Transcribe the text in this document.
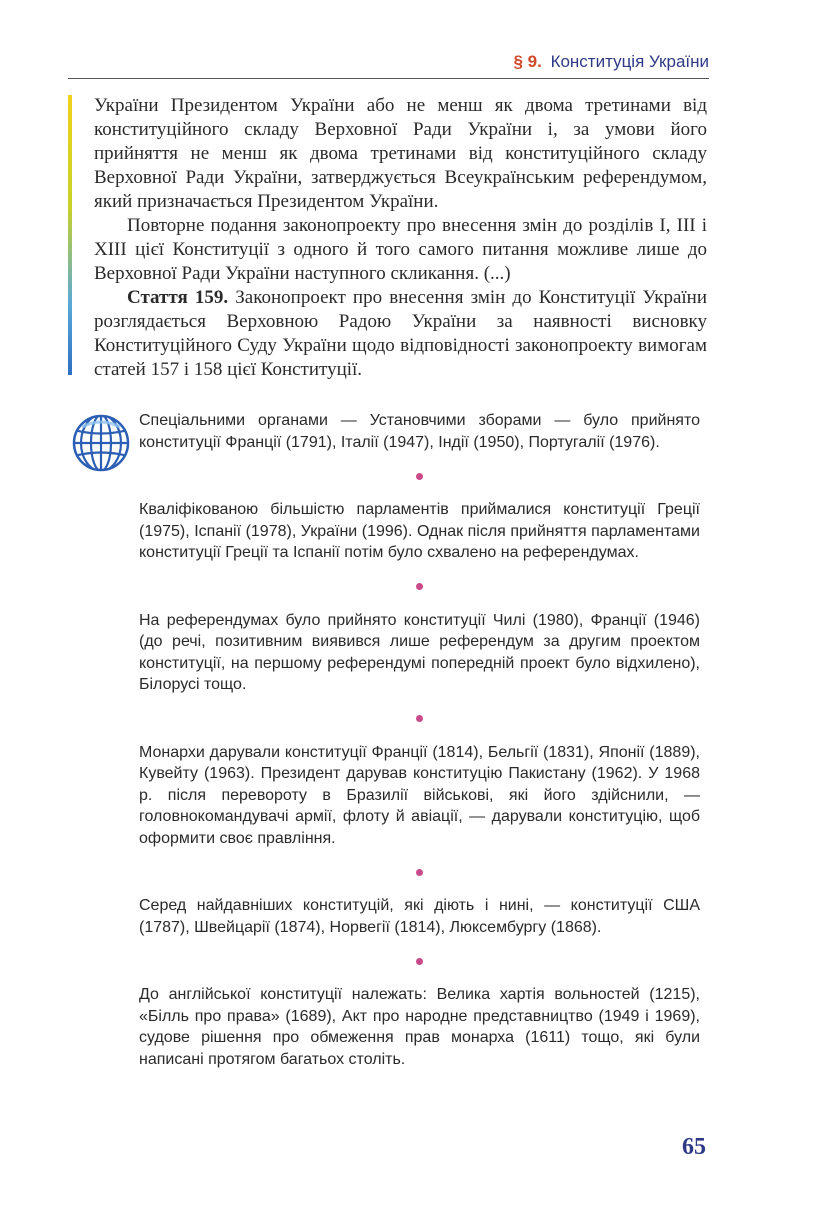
§ 9. Конституція України

України Президентом України або не менш як двома третинами від конституційного складу Верховної Ради України і, за умови його прийняття не менш як двома третинами від конституційного складу Верховної Ради України, затверджується Всеукраїнським референдумом, який призначається Президентом України.

Повторне подання законопроекту про внесення змін до розділів І, III і XIII цієї Конституції з одного й того самого питання можливе лише до Верховної Ради України наступного скликання. (...)

Стаття 159. Законопроект про внесення змін до Конституції України розглядається Верховною Радою України за наявності висновку Конституційного Суду України щодо відповідності законопроекту вимогам статей 157 і 158 цієї Конституції.

Спеціальними органами — Установчими зборами — було прийнято конституції Франції (1791), Італії (1947), Індії (1950), Португалії (1976).

Кваліфікованою більшістю парламентів приймалися конституції Греції (1975), Іспанії (1978), України (1996). Однак після прийняття парламентами конституції Греції та Іспанії потім було схвалено на референдумах.

На референдумах було прийнято конституції Чилі (1980), Франції (1946) (до речі, позитивним виявився лише референдум за другим проектом конституції, на першому референдумі попередній проект було відхилено), Білорусі тощо.

Монархи дарували конституції Франції (1814), Бельгії (1831), Японії (1889), Кувейту (1963). Президент дарував конституцію Пакистану (1962). У 1968 р. після перевороту в Бразилії військові, які його здійснили, — головнокомандувачі армії, флоту й авіації, — дарували конституцію, щоб оформити своє правління.

Серед найдавніших конституцій, які діють і нині, — конституції США (1787), Швейцарії (1874), Норвегії (1814), Люксембургу (1868).

До англійської конституції належать: Велика хартія вольностей (1215), «Білль про права» (1689), Акт про народне представництво (1949 і 1969), судове рішення про обмеження прав монарха (1611) тощо, які були написані протягом багатьох століть.

65
